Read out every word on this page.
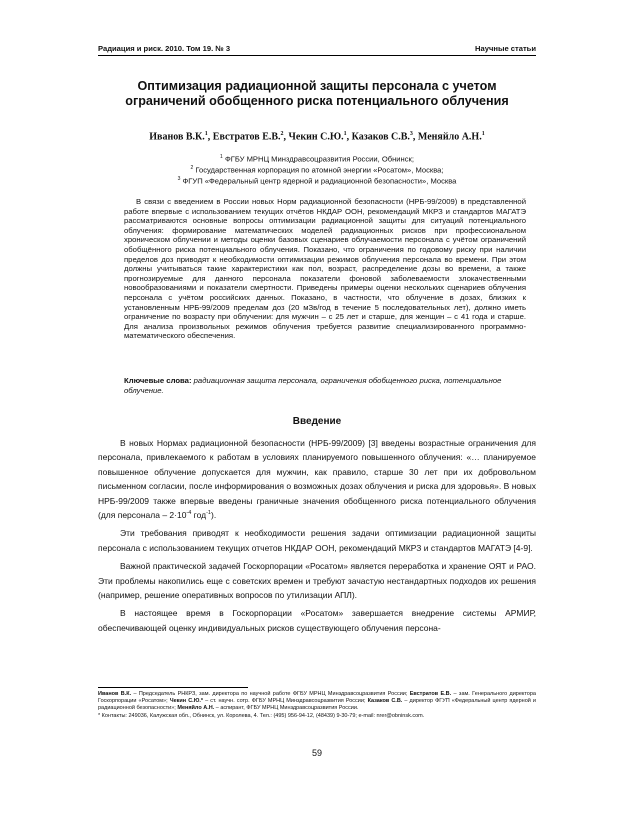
Радиация и риск. 2010. Том 19. № 3	Научные статьи
Оптимизация радиационной защиты персонала с учетом ограничений обобщенного риска потенциального облучения
Иванов В.К.$^1$, Евстратов Е.В.$^2$, Чекин С.Ю.$^1$, Казаков С.В.$^3$, Меняйло А.Н.$^1$
$^1$ ФГБУ МРНЦ Минздравсоцразвития России, Обнинск;
$^2$ Государственная корпорация по атомной энергии «Росатом», Москва;
$^3$ ФГУП «Федеральный центр ядерной и радиационной безопасности», Москва

В связи с введением в России новых Норм радиационной безопасности (НРБ-99/2009) в представленной работе впервые с использованием текущих отчётов НКДАР ООН, рекомендаций МКРЗ и стандартов МАГАТЭ рассматриваются основные вопросы оптимизации радиационной защиты для ситуаций потенциального облучения: формирование математических моделей радиационных рисков при профессиональном хроническом облучении и методы оценки базовых сценариев облучаемости персонала с учётом ограничений обобщённого риска потенциального облучения. Показано, что ограничения по годовому риску при наличии пределов доз приводят к необходимости оптимизации режимов облучения персонала во времени. При этом должны учитываться такие характеристики как пол, возраст, распределение дозы во времени, а также прогнозируемые для данного персонала показатели фоновой заболеваемости злокачественными новообразованиями и показатели смертности. Приведены примеры оценки нескольких сценариев облучения персонала с учётом российских данных. Показано, в частности, что облучение в дозах, близких к установленным НРБ-99/2009 пределам доз (20 мЗв/год в течение 5 последовательных лет), должно иметь ограничение по возрасту при облучении: для мужчин – с 25 лет и старше, для женщин – с 41 года и старше. Для анализа произвольных режимов облучения требуется развитие специализированного программно-математического обеспечения.

Ключевые слова: радиационная защита персонала, ограничения обобщенного риска, потенциальное облучение.

Введение

В новых Нормах радиационной безопасности (НРБ-99/2009) [3] введены возрастные ограничения для персонала, привлекаемого к работам в условиях планируемого повышенного облучения: «… планируемое повышенное облучение допускается для мужчин, как правило, старше 30 лет при их добровольном письменном согласии, после информирования о возможных дозах облучения и риска для здоровья». В новых НРБ-99/2009 также впервые введены граничные значения обобщенного риска потенциального облучения (для персонала – $2\cdot 10^{-4}$ год$^{-1}$).

Эти требования приводят к необходимости решения задачи оптимизации радиационной защиты персонала с использованием текущих отчетов НКДАР ООН, рекомендаций МКРЗ и стандартов МАГАТЭ [4-9].

Важной практической задачей Госкорпорации «Росатом» является переработка и хранение ОЯТ и РАО. Эти проблемы накопились еще с советских времен и требуют зачастую нестандартных подходов их решения (например, решение оперативных вопросов по утилизации АПЛ).

В настоящее время в Госкорпорации «Росатом» завершается внедрение системы АРМИР, обеспечивающей оценку индивидуальных рисков существующего облучения персона-

Иванов В.К. – Председатель РНКРЗ, зам. директора по научной работе ФГБУ МРНЦ Минздравсоцразвития России; Евстратов Е.В. – зам. Генерального директора Госкорпорации «Росатом»; Чекин С.Ю.* – ст. научн. сотр. ФГБУ МРНЦ Минздравсоцразвития России; Казаков С.В. – директор ФГУП «Федеральный центр ядерной и радиационной безопасности»; Меняйло А.Н. – аспирант, ФГБУ МРНЦ Минздравсоцразвития России.

* Контакты: 249036, Калужская обл., Обнинск, ул. Королева, 4. Тел.: (495) 956-94-12, (48439) 9-30-79; e-mail: nrer@obninsk.com.

59
